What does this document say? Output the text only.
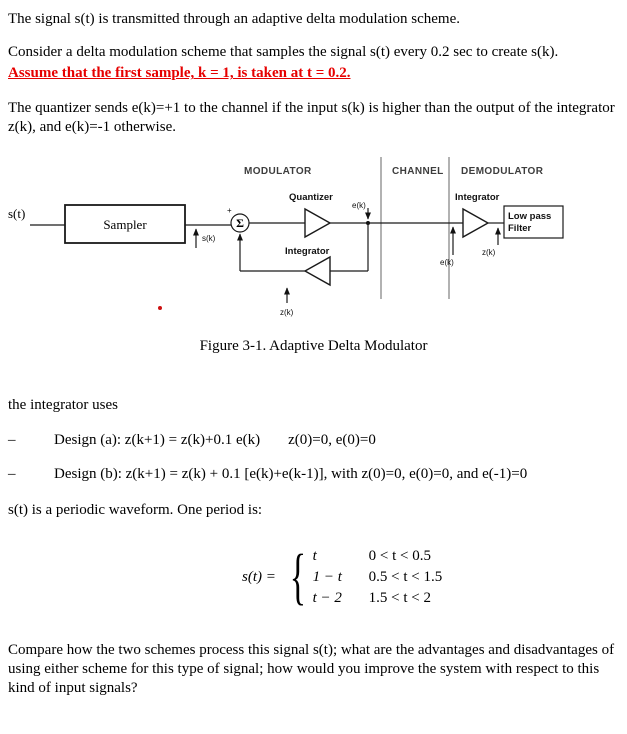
The signal s(t) is transmitted through an adaptive delta modulation scheme.

Consider a delta modulation scheme that samples the signal s(t) every 0.2 sec to create s(k).

Assume that the first sample, k = 1, is taken at t = 0.2.

The quantizer sends e(k)=+1 to the channel if the input s(k) is higher than the output of the integrator z(k), and e(k)=-1 otherwise.

MODULATOR	CHANNEL DEMODULATOR
s(t)
Sampler
s(k)
+
Σ
Quantizer
e(k)
Integrator
z(k)
Integrator
e(k)
z(k)
Low pass
Filter
Figure 3-1. Adaptive Delta Modulator

the integrator uses

–	Design (a): z(k+1) = z(k)+0.1 e(k) z(0)=0, e(0)=0
–	Design (b): z(k+1) = z(k) + 0.1 [e(k)+e(k-1)], with z(0)=0, e(0)=0, and e(-1)=0

s(t) is a periodic waveform. One period is:

s(t) = { t	0 < t < 0.5
1 − t	0.5 < t < 1.5
t − 2	1.5 < t < 2

Compare how the two schemes process this signal s(t); what are the advantages and disadvantages of using either scheme for this type of signal; how would you improve the system with respect to this kind of input signals?
